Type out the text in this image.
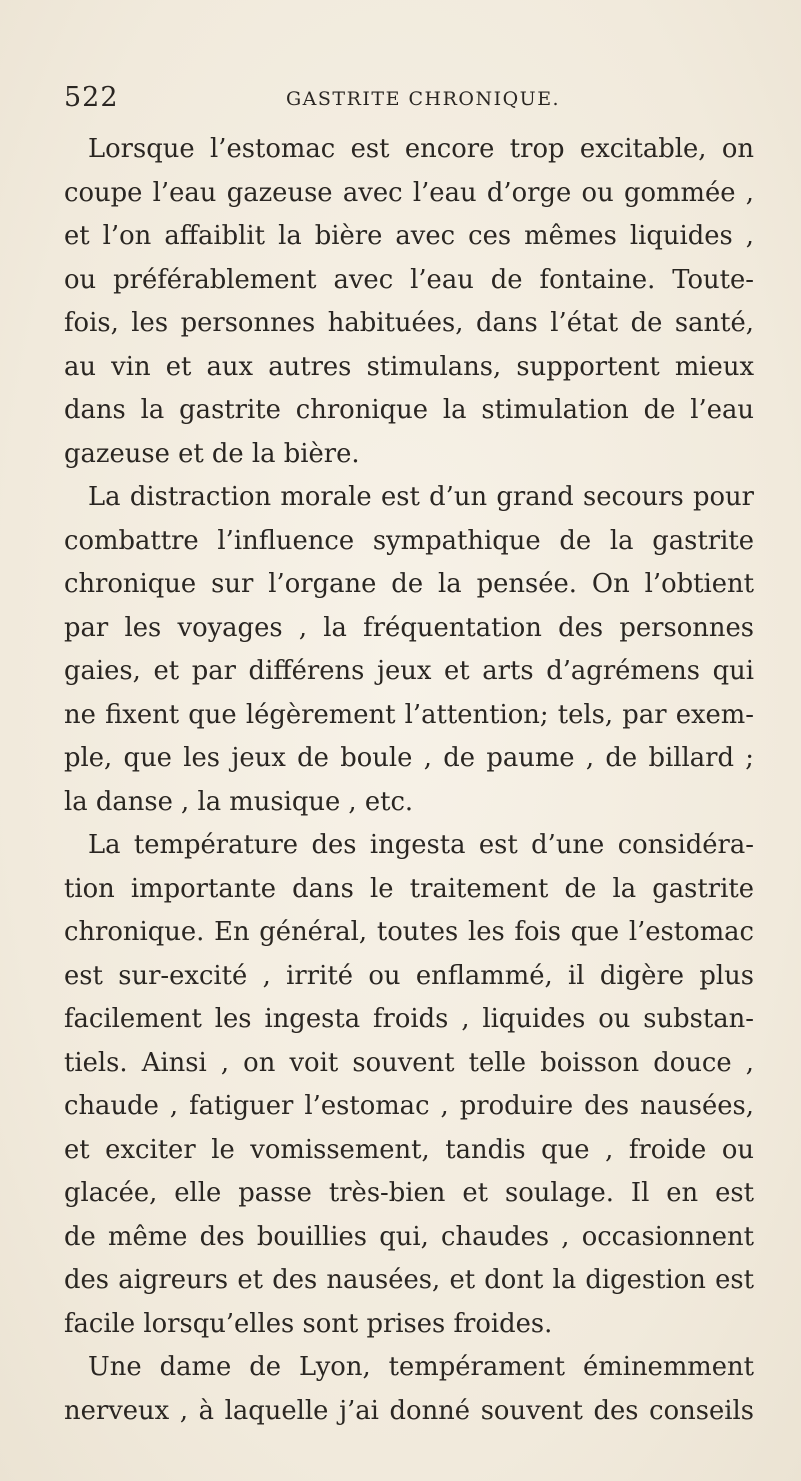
522	GASTRITE CHRONIQUE.
Lorsque l’estomac est encore trop excitable, on
coupe l’eau gazeuse avec l’eau d’orge ou gommée ,
et l’on affaiblit la bière avec ces mêmes liquides ,
ou préférablement avec l’eau de fontaine. Toute-
fois, les personnes habituées, dans l’état de santé,
au vin et aux autres stimulans, supportent mieux
dans la gastrite chronique la stimulation de l’eau
gazeuse et de la bière.
La distraction morale est d’un grand secours pour
combattre l’influence sympathique de la gastrite
chronique sur l’organe de la pensée. On l’obtient
par les voyages , la fréquentation des personnes
gaies, et par différens jeux et arts d’agrémens qui
ne fixent que légèrement l’attention; tels, par exem-
ple, que les jeux de boule , de paume , de billard ;
la danse , la musique , etc.
La température des ingesta est d’une considéra-
tion importante dans le traitement de la gastrite
chronique. En général, toutes les fois que l’estomac
est sur-excité , irrité ou enflammé, il digère plus
facilement les ingesta froids , liquides ou substan-
tiels. Ainsi , on voit souvent telle boisson douce ,
chaude , fatiguer l’estomac , produire des nausées,
et exciter le vomissement, tandis que , froide ou
glacée, elle passe très-bien et soulage. Il en est
de même des bouillies qui, chaudes , occasionnent
des aigreurs et des nausées, et dont la digestion est
facile lorsqu’elles sont prises froides.
Une dame de Lyon, tempérament éminemment
nerveux , à laquelle j’ai donné souvent des conseils
